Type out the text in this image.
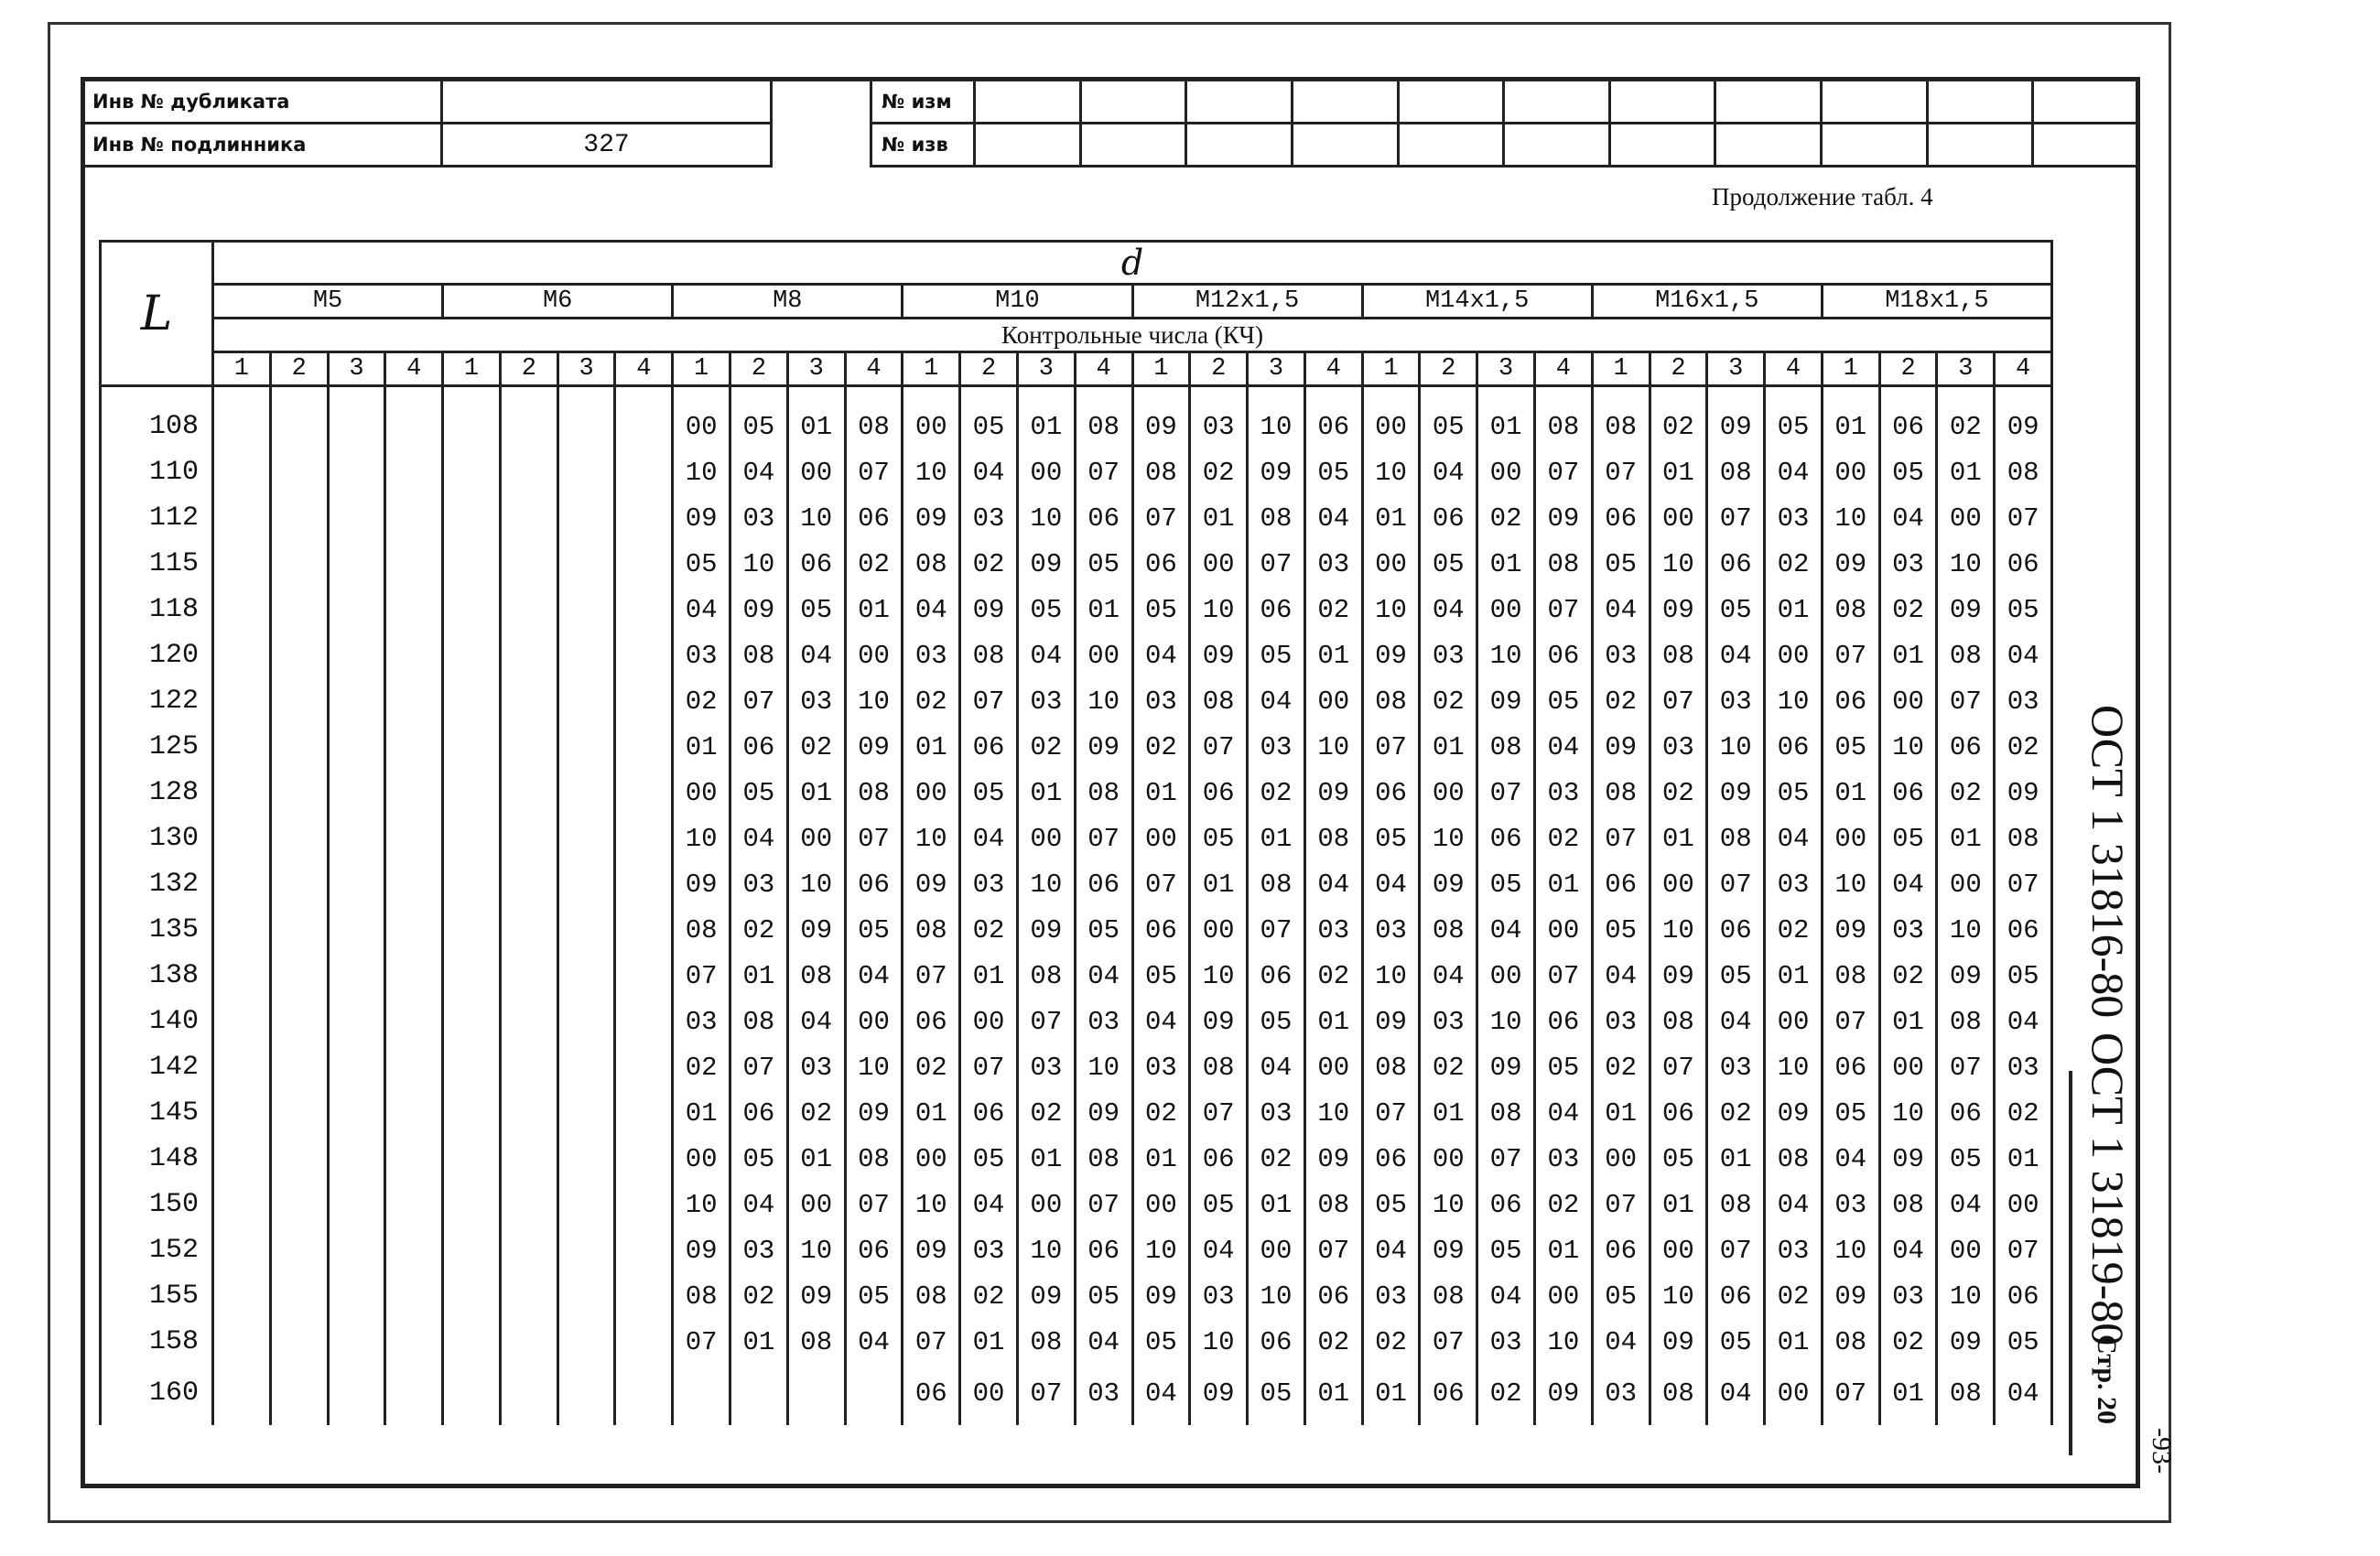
Инв № дубликата	
Инв № подлинника	327
№ изм											
№ изв											
Продолжение табл. 4
L	d																															
	M5				M6				M8				M10				M12x1,5				M14x1,5				M16x1,5				M18x1,5			
	Контрольные числа (КЧ)																															
	1	2	3	4	1	2	3	4	1	2	3	4	1	2	3	4	1	2	3	4	1	2	3	4	1	2	3	4	1	2	3	4
108									00	05	01	08	00	05	01	08	09	03	10	06	00	05	01	08	08	02	09	05	01	06	02	09
110									10	04	00	07	10	04	00	07	08	02	09	05	10	04	00	07	07	01	08	04	00	05	01	08
112									09	03	10	06	09	03	10	06	07	01	08	04	01	06	02	09	06	00	07	03	10	04	00	07
115									05	10	06	02	08	02	09	05	06	00	07	03	00	05	01	08	05	10	06	02	09	03	10	06
118									04	09	05	01	04	09	05	01	05	10	06	02	10	04	00	07	04	09	05	01	08	02	09	05
120									03	08	04	00	03	08	04	00	04	09	05	01	09	03	10	06	03	08	04	00	07	01	08	04
122									02	07	03	10	02	07	03	10	03	08	04	00	08	02	09	05	02	07	03	10	06	00	07	03
125									01	06	02	09	01	06	02	09	02	07	03	10	07	01	08	04	09	03	10	06	05	10	06	02
128									00	05	01	08	00	05	01	08	01	06	02	09	06	00	07	03	08	02	09	05	01	06	02	09
130									10	04	00	07	10	04	00	07	00	05	01	08	05	10	06	02	07	01	08	04	00	05	01	08
132									09	03	10	06	09	03	10	06	07	01	08	04	04	09	05	01	06	00	07	03	10	04	00	07
135									08	02	09	05	08	02	09	05	06	00	07	03	03	08	04	00	05	10	06	02	09	03	10	06
138									07	01	08	04	07	01	08	04	05	10	06	02	10	04	00	07	04	09	05	01	08	02	09	05
140									03	08	04	00	06	00	07	03	04	09	05	01	09	03	10	06	03	08	04	00	07	01	08	04
142									02	07	03	10	02	07	03	10	03	08	04	00	08	02	09	05	02	07	03	10	06	00	07	03
145									01	06	02	09	01	06	02	09	02	07	03	10	07	01	08	04	01	06	02	09	05	10	06	02
148									00	05	01	08	00	05	01	08	01	06	02	09	06	00	07	03	00	05	01	08	04	09	05	01
150									10	04	00	07	10	04	00	07	00	05	01	08	05	10	06	02	07	01	08	04	03	08	04	00
152									09	03	10	06	09	03	10	06	10	04	00	07	04	09	05	01	06	00	07	03	10	04	00	07
155									08	02	09	05	08	02	09	05	09	03	10	06	03	08	04	00	05	10	06	02	09	03	10	06
158									07	01	08	04	07	01	08	04	05	10	06	02	02	07	03	10	04	09	05	01	08	02	09	05
160													06	00	07	03	04	09	05	01	01	06	02	09	03	08	04	00	07	01	08	04
ОСТ 1 31816-80
ОСТ 1 31819-80
Стр. 20
-93-
